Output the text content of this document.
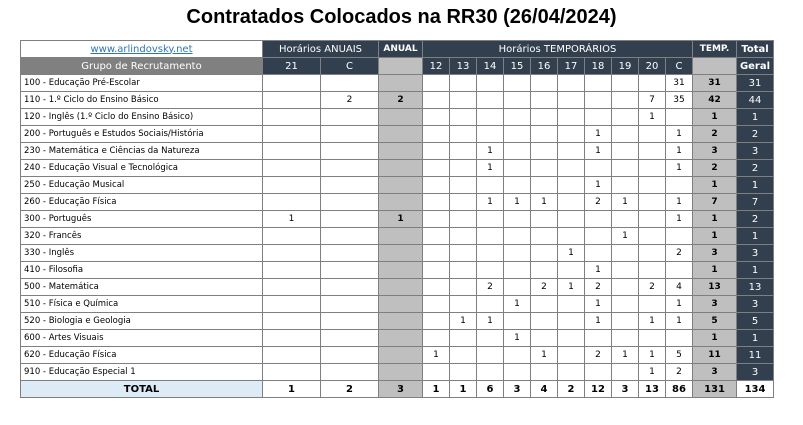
Contratados Colocados na RR30 (26/04/2024)
www.arlindovsky.net	Horários ANUAIS		ANUAL	Horários TEMPORÁRIOS										TEMP.	Total
Grupo de Recrutamento	21	C		12	13	14	15	16	17	18	19	20	C		Geral
100 - Educação Pré-Escolar													31	31	31
110 - 1.º Ciclo do Ensino Básico		2	2									7	35	42	44
120 - Inglês (1.º Ciclo do Ensino Básico)												1		1	1
200 - Português e Estudos Sociais/História										1			1	2	2
230 - Matemática e Ciências da Natureza						1				1			1	3	3
240 - Educação Visual e Tecnológica						1							1	2	2
250 - Educação Musical										1				1	1
260 - Educação Física						1	1	1		2	1		1	7	7
300 - Português	1		1										1	1	2
320 - Francês											1			1	1
330 - Inglês									1				2	3	3
410 - Filosofia										1				1	1
500 - Matemática						2		2	1	2		2	4	13	13
510 - Física e Química							1			1			1	3	3
520 - Biologia e Geologia					1	1				1		1	1	5	5
600 - Artes Visuais							1							1	1
620 - Educação Física				1				1		2	1	1	5	11	11
910 - Educação Especial 1												1	2	3	3
TOTAL	1	2	3	1	1	6	3	4	2	12	3	13	86	131	134
